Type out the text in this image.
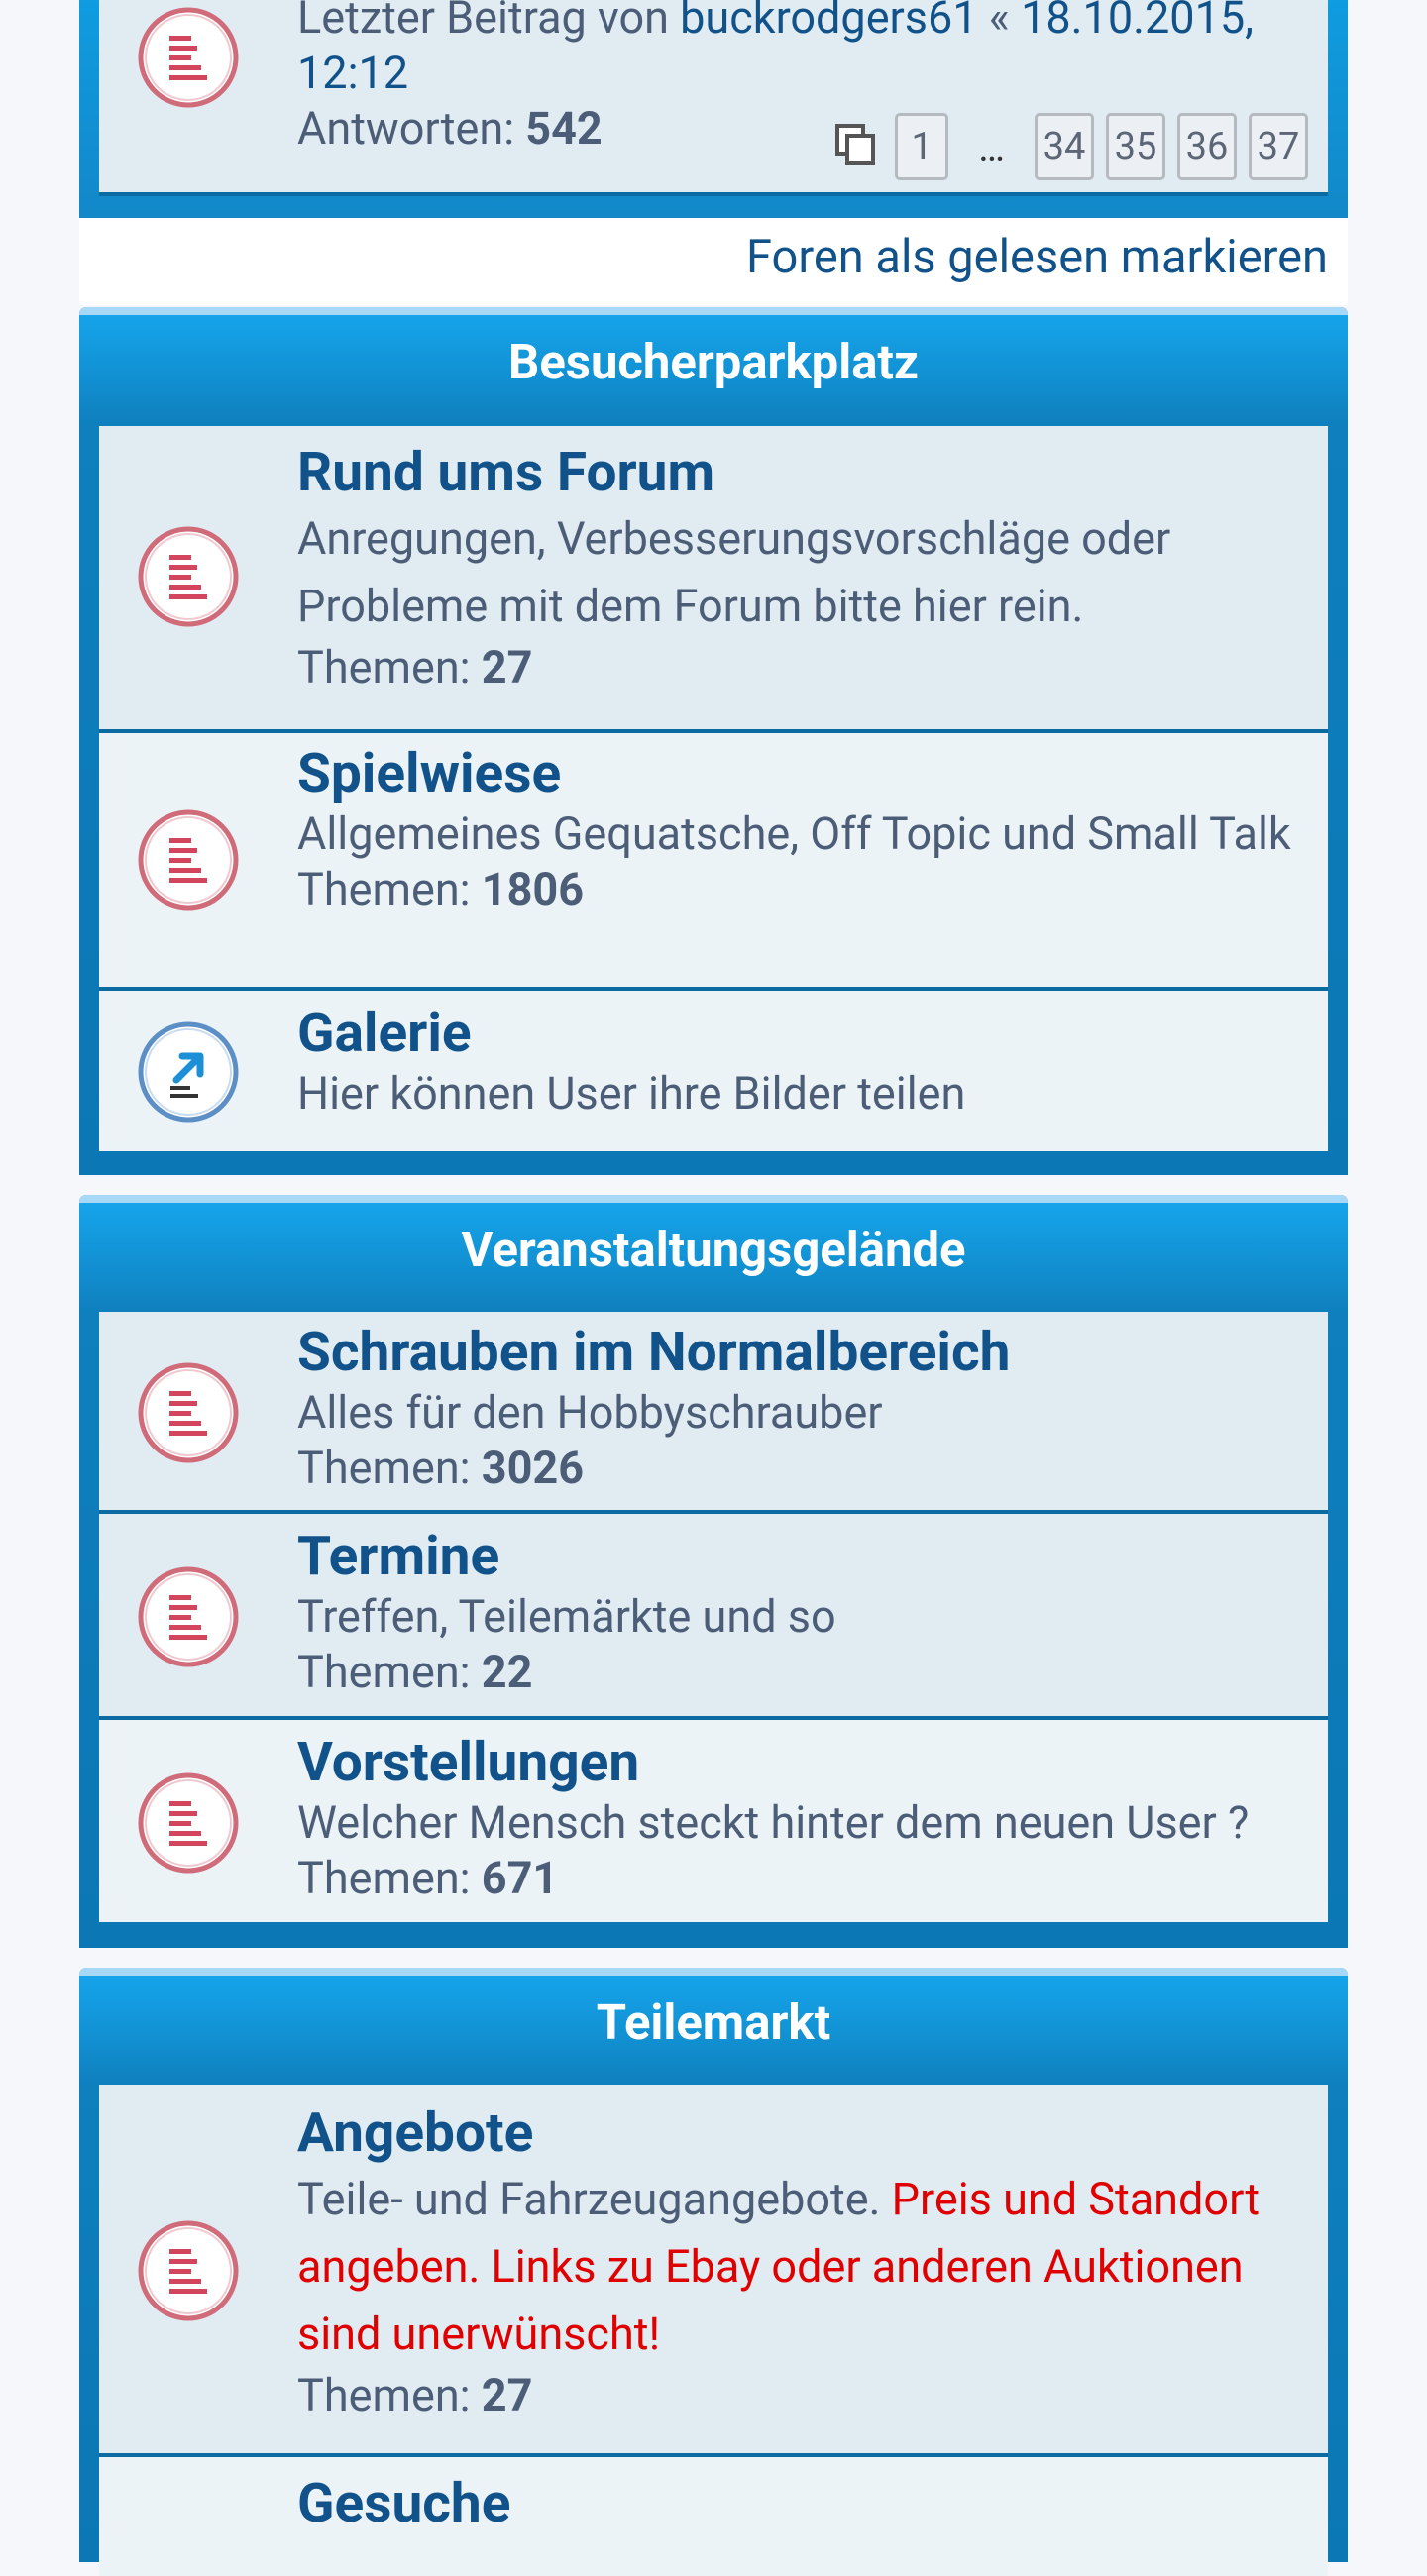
Letzter Beitrag von buckrodgers61 « 18.10.2015, 12:12
Antworten: 542	1	…	34 35 36 37
Foren als gelesen markieren
Besucherparkplatz
Rund ums Forum
Anregungen, Verbesserungsvorschläge oder Probleme mit dem Forum bitte hier rein.
Themen: 27
Spielwiese
Allgemeines Gequatsche, Off Topic und Small Talk
Themen: 1806
Galerie
Hier können User ihre Bilder teilen
Veranstaltungsgelände
Schrauben im Normalbereich
Alles für den Hobbyschrauber
Themen: 3026
Termine
Treffen, Teilemärkte und so
Themen: 22
Vorstellungen
Welcher Mensch steckt hinter dem neuen User ?
Themen: 671
Teilemarkt
Angebote
Teile- und Fahrzeugangebote. Preis und Standort angeben. Links zu Ebay oder anderen Auktionen sind unerwünscht!
Themen: 27
Gesuche
